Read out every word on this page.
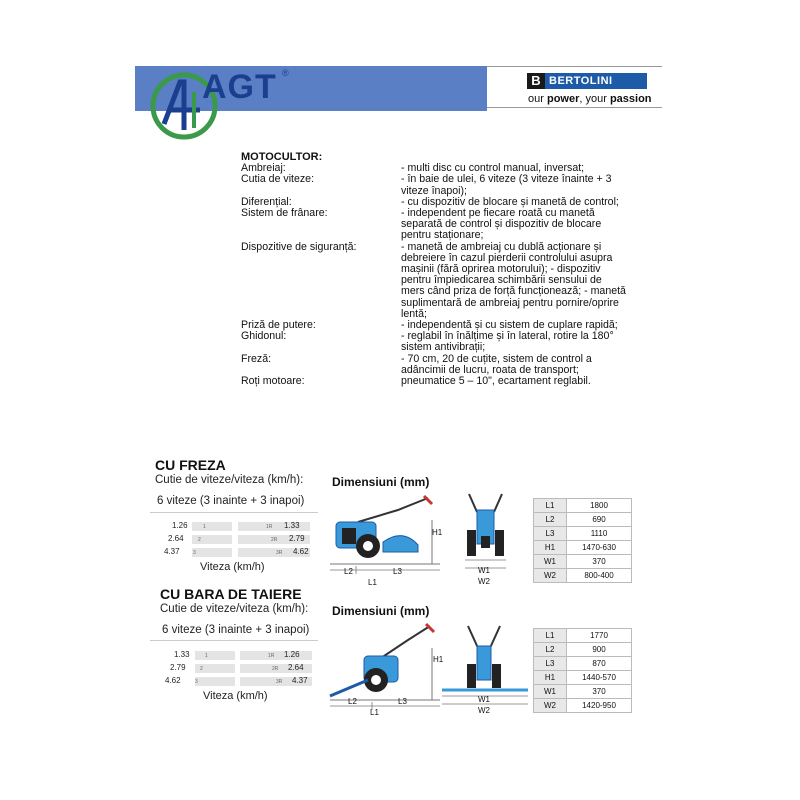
AGT ®	B BERTOLINI
our power, your passion
MOTOCULTOR:
Ambreiaj:	- multi disc cu control manual, inversat;
Cutia de viteze:	- în baie de ulei, 6 viteze (3 viteze înainte + 3 viteze înapoi);
Diferențial:	- cu dispozitiv de blocare și manetă de control;
Sistem de frânare:	- independent pe fiecare roată cu manetă separată de control și dispozitiv de blocare pentru staționare;
Dispozitive de siguranță:	- manetă de ambreiaj cu dublă acționare și debreiere în cazul pierderii controlului asupra mașinii (fără oprirea motorului); - dispozitiv pentru împiedicarea schimbării sensului de mers când priza de forță funcționează; - manetă suplimentară de ambreiaj pentru pornire/oprire lentă;
Priză de putere:	- independentă și cu sistem de cuplare rapidă;
Ghidonul:	- reglabil în înălțime și în lateral, rotire la 180° sistem antivibrații;
Freză:	- 70 cm, 20 de cuțite, sistem de control a adâncimii de lucru, roata de transport;
Roți motoare:	pneumatice 5 – 10", ecartament reglabil.
CU FREZA
Cutie de viteze/viteza (km/h):
6 viteze (3 inainte + 3 inapoi)
1.26	1
2.64	2
4.37	3
1R 1.33
2R 2.79
3R 4.62
Viteza (km/h)
Dimensiuni (mm)
H1
L2	L3
L1
W1
W2
L1	1800
L2	690
L3	1110
H1	1470-630
W1	370
W2	800-400
CU BARA DE TAIERE
Cutie de viteze/viteza (km/h):
6 viteze (3 inainte + 3 inapoi)
1.33	1
2.79	2
4.62	3
1R 1.26
2R 2.64
3R 4.37
Viteza (km/h)
Dimensiuni (mm)
H1
L2	L3
L1
W1
W2
L1	1770
L2	900
L3	870
H1	1440-570
W1	370
W2	1420-950
